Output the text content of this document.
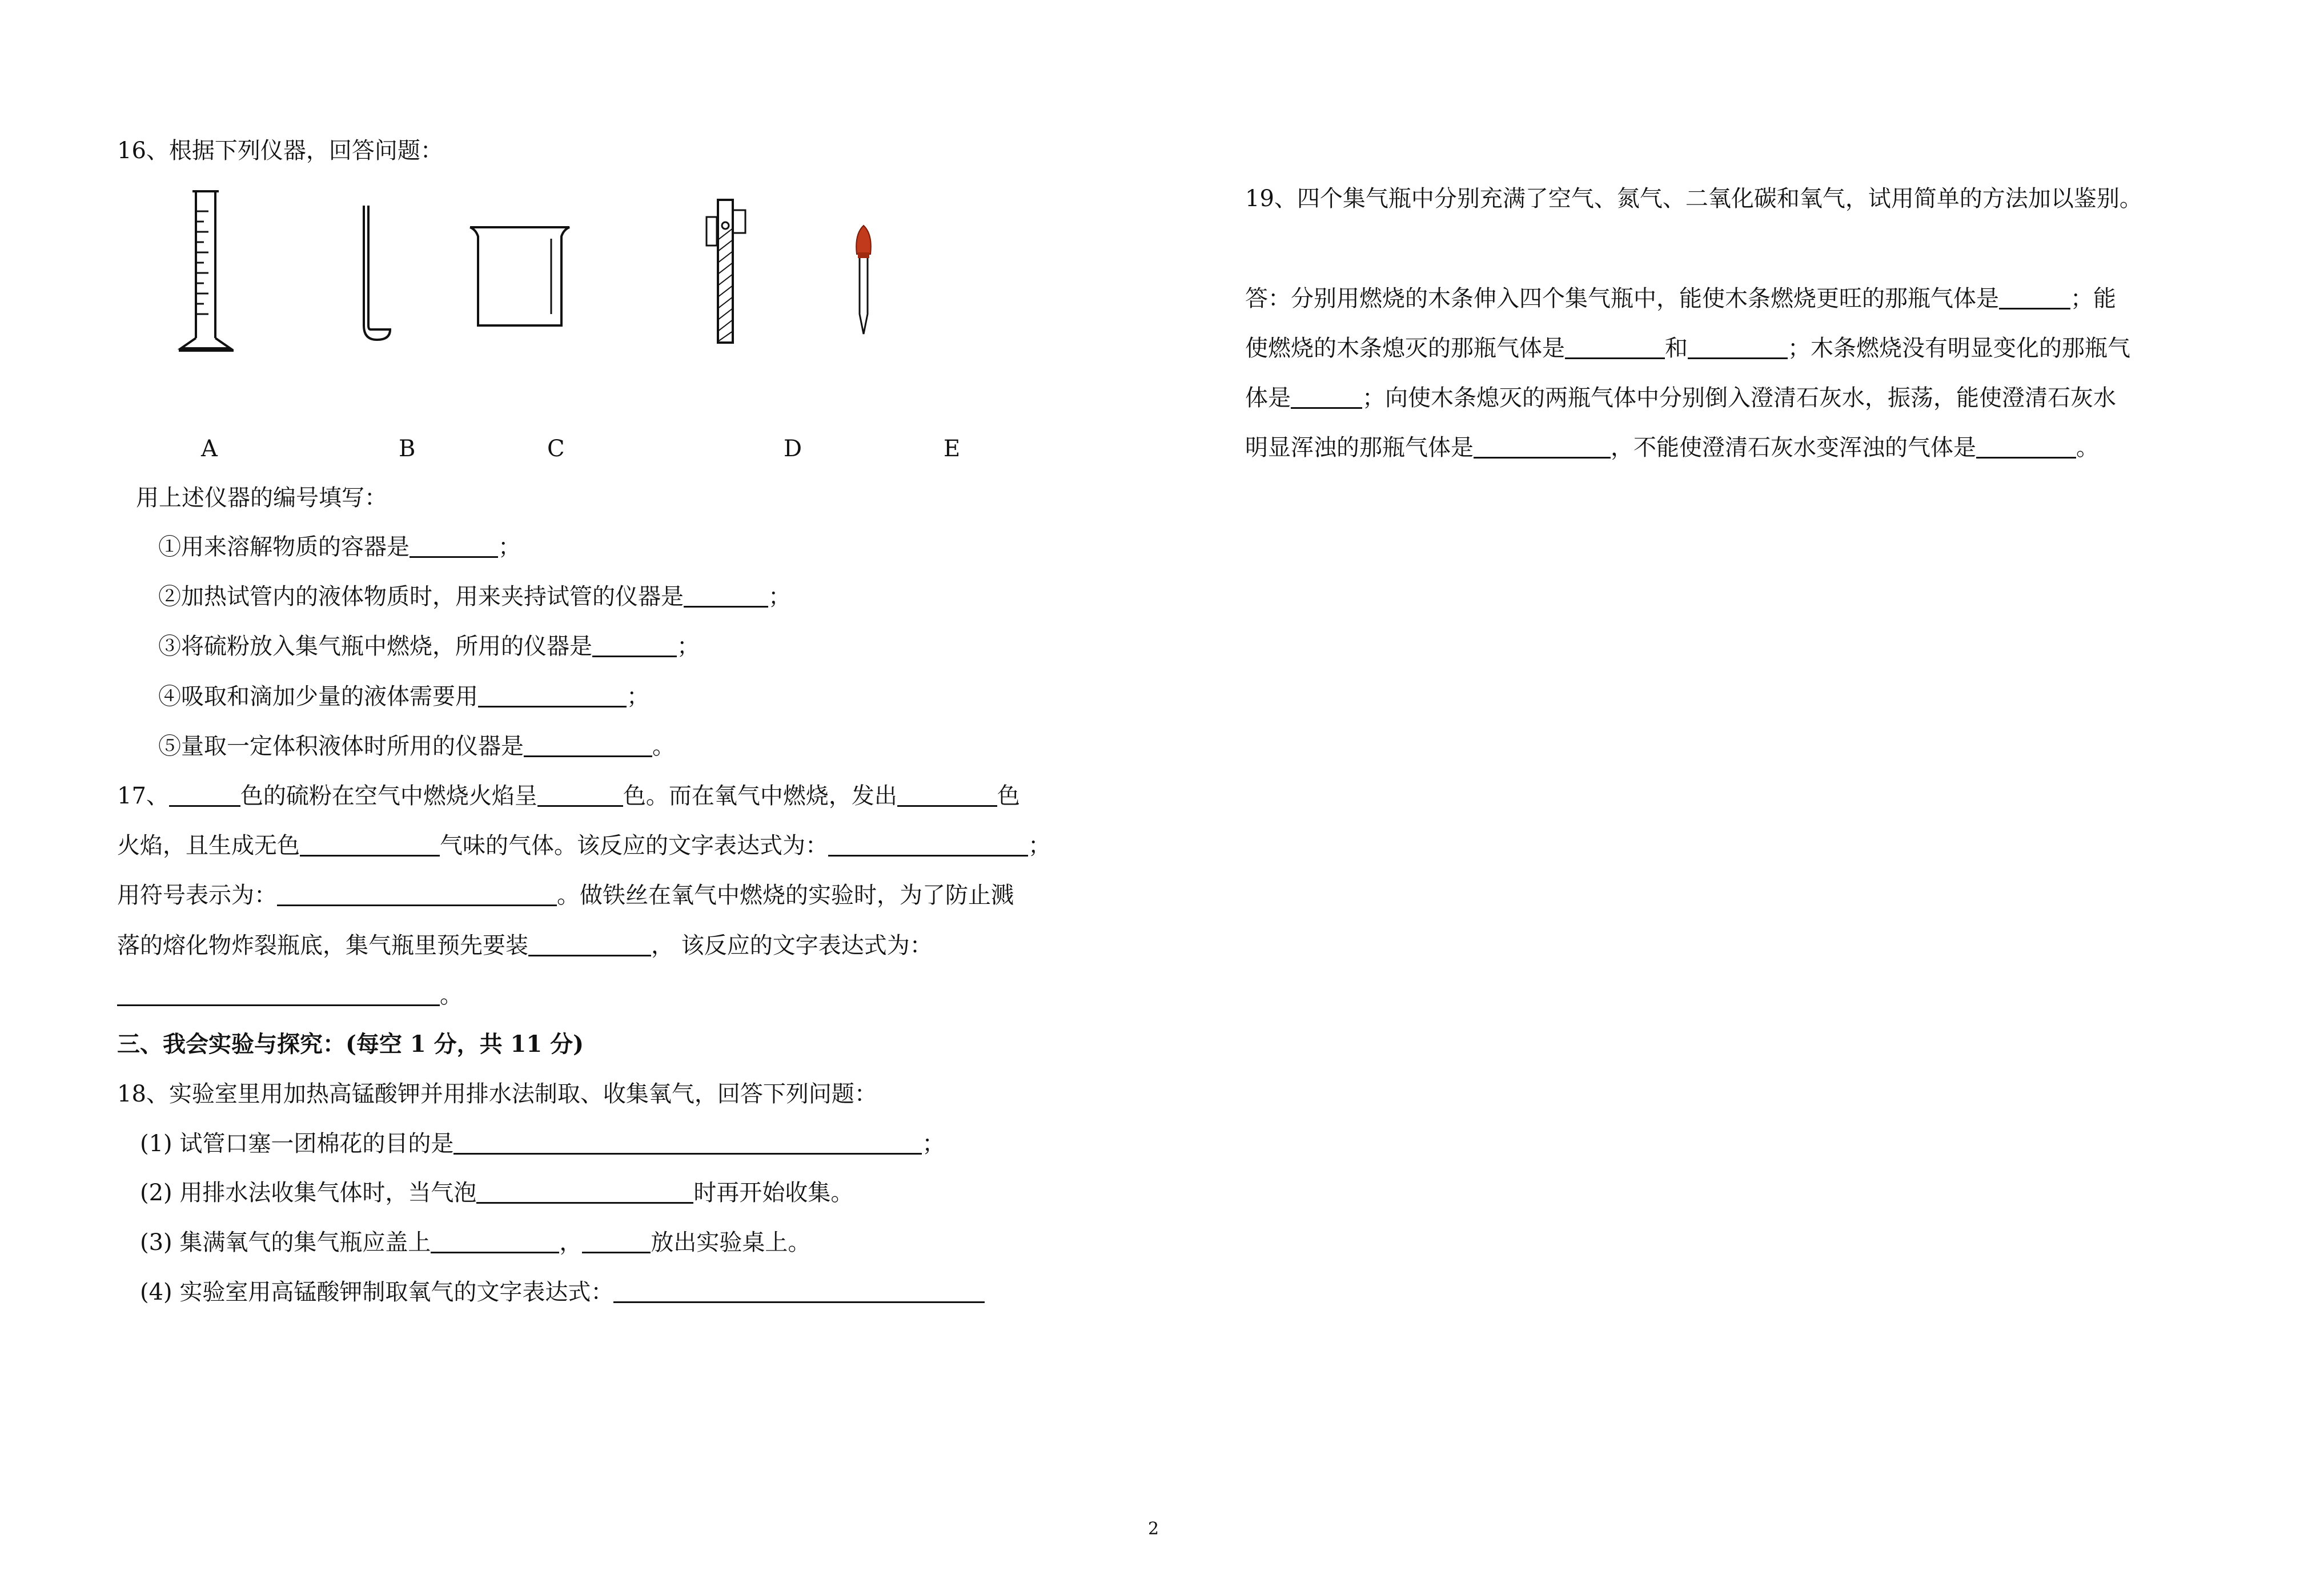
16、根据下列仪器，回答问题：
A	B	C	D	E
用上述仪器的编号填写：
①用来溶解物质的容器是	；
②加热试管内的液体物质时，用来夹持试管的仪器是	；
③将硫粉放入集气瓶中燃烧，所用的仪器是	；
④吸取和滴加少量的液体需要用	；
⑤量取一定体积液体时所用的仪器是	。
17、	色的硫粉在空气中燃烧火焰呈	色。而在氧气中燃烧，发出	色
火焰，且生成无色	气味的气体。该反应的文字表达式为：	；
用符号表示为：	。做铁丝在氧气中燃烧的实验时，为了防止溅
落的熔化物炸裂瓶底，集气瓶里预先要装	， 该反应的文字表达式为：
。
三、我会实验与探究：(每空 1 分，共 11 分)
18、实验室里用加热高锰酸钾并用排水法制取、收集氧气，回答下列问题：
(1) 试管口塞一团棉花的目的是	；
(2) 用排水法收集气体时，当气泡	时再开始收集。
(3) 集满氧气的集气瓶应盖上	，	放出实验桌上。
(4) 实验室用高锰酸钾制取氧气的文字表达式：
19、四个集气瓶中分别充满了空气、氮气、二氧化碳和氧气，试用简单的方法加以鉴别。
答：分别用燃烧的木条伸入四个集气瓶中，能使木条燃烧更旺的那瓶气体是	；能
使燃烧的木条熄灭的那瓶气体是	和	；木条燃烧没有明显变化的那瓶气
体是	；向使木条熄灭的两瓶气体中分别倒入澄清石灰水，振荡，能使澄清石灰水
明显浑浊的那瓶气体是	，不能使澄清石灰水变浑浊的气体是	。
2
